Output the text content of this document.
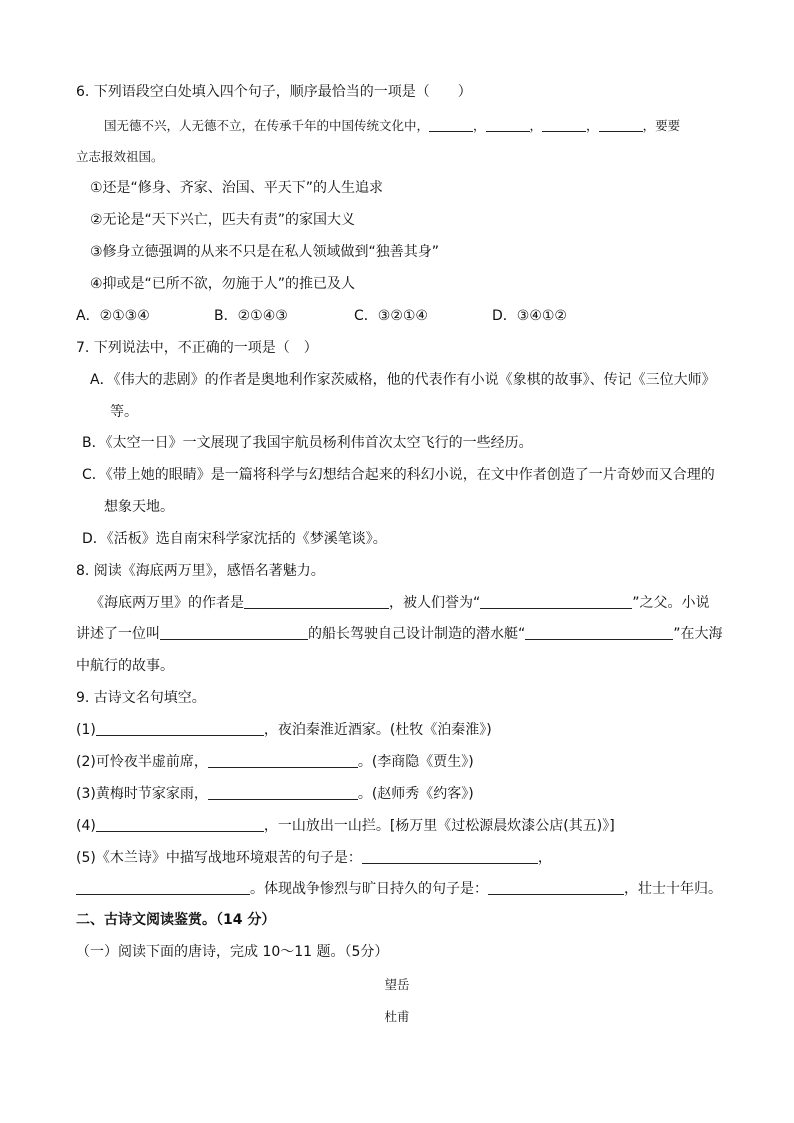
6. 下列语段空白处填入四个句子，顺序最恰当的一项是（　　）
国无德不兴，人无德不立，在传承千年的中国传统文化中，	，	，	，	，要要
立志报效祖国。
①还是“修身、齐家、治国、平天下”的人生追求
②无论是“天下兴亡，匹夫有责”的家国大义
③修身立德强调的从来不只是在私人领域做到“独善其身”
④抑或是“已所不欲，勿施于人”的推已及人
A．②①③④	B．②①④③	C．③②①④	D．③④①②
7. 下列说法中，不正确的一项是（　）
A．《伟大的悲剧》的作者是奥地利作家茨威格，他的代表作有小说《象棋的故事》、传记《三位大师》
等。
B．《太空一日》一文展现了我国宇航员杨利伟首次太空飞行的一些经历。
C．《带上她的眼睛》是一篇将科学与幻想结合起来的科幻小说，在文中作者创造了一片奇妙而又合理的
想象天地。
D．《活板》选自南宋科学家沈括的《梦溪笔谈》。
8. 阅读《海底两万里》，感悟名著魅力。
《海底两万里》的作者是	，被人们誉为“	”之父。小说
讲述了一位叫	的船长驾驶自己设计制造的潜水艇“	”在大海
中航行的故事。
9. 古诗文名句填空。
(1)	，夜泊秦淮近酒家。(杜牧《泊秦淮》)
(2)可怜夜半虚前席，	。(李商隐《贾生》)
(3)黄梅时节家家雨，	。(赵师秀《约客》)
(4)	，一山放出一山拦。[杨万里《过松源晨炊漆公店(其五)》]
(5)《木兰诗》中描写战地环境艰苦的句子是：	，
。体现战争惨烈与旷日持久的句子是：	，壮士十年归。
二、古诗文阅读鉴赏。（14 分）
（一）阅读下面的唐诗，完成 10～11 题。（5分）
望岳
杜甫
